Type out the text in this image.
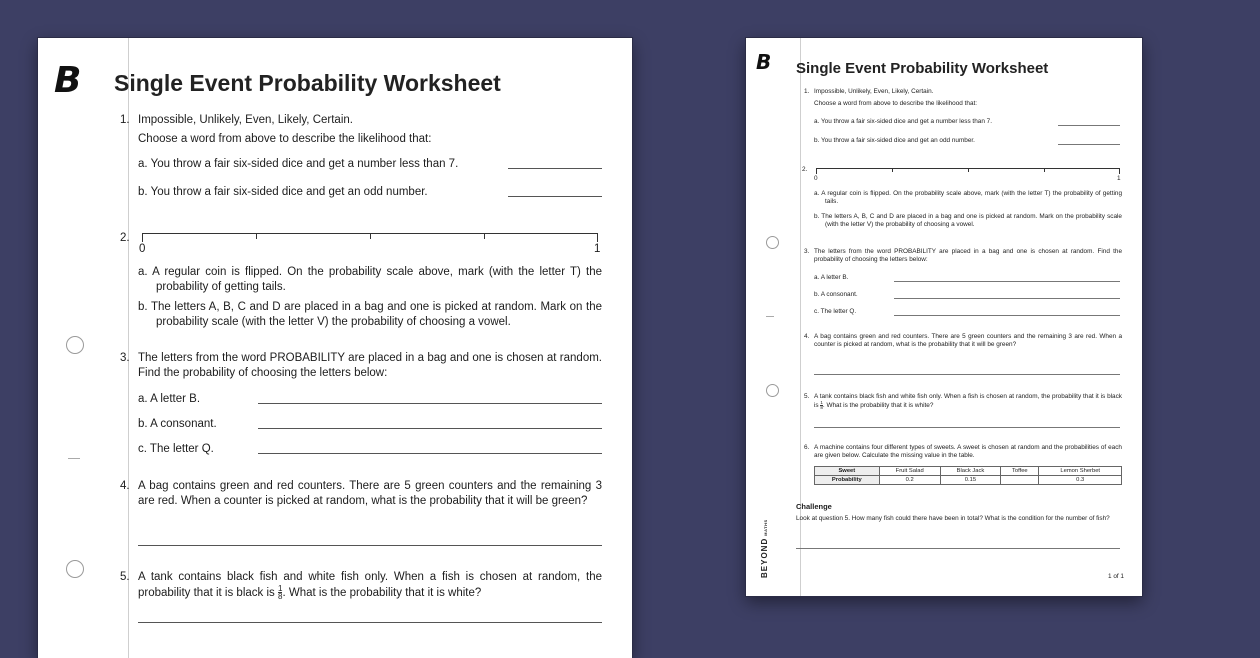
B Single Event Probability Worksheet
1. Impossible, Unlikely, Even, Likely, Certain.
Choose a word from above to describe the likelihood that:
a. You throw a fair six-sided dice and get a number less than 7.
b. You throw a fair six-sided dice and get an odd number.
2.
0	1
a. A regular coin is flipped. On the probability scale above, mark (with the letter T) the probability of getting tails.
b. The letters A, B, C and D are placed in a bag and one is picked at random. Mark on the probability scale (with the letter V) the probability of choosing a vowel.
3. The letters from the word PROBABILITY are placed in a bag and one is chosen at random. Find the probability of choosing the letters below:
a. A letter B.
b. A consonant.
c. The letter Q.
4. A bag contains green and red counters. There are 5 green counters and the remaining 3 are red. When a counter is picked at random, what is the probability that it will be green?
5. A tank contains black fish and white fish only. When a fish is chosen at random, the probability that it is black is $\frac{1}{8}$ . What is the probability that it is white?
B Single Event Probability Worksheet
1. Impossible, Unlikely, Even, Likely, Certain.
Choose a word from above to describe the likelihood that:
a. You throw a fair six-sided dice and get a number less than 7.
b. You throw a fair six-sided dice and get an odd number.
2.
0	1
a. A regular coin is flipped. On the probability scale above, mark (with the letter T) the probability of getting tails.
b. The letters A, B, C and D are placed in a bag and one is picked at random. Mark on the probability scale (with the letter V) the probability of choosing a vowel.
3. The letters from the word PROBABILITY are placed in a bag and one is chosen at random. Find the probability of choosing the letters below:
a. A letter B.
b. A consonant.
c. The letter Q.
4. A bag contains green and red counters. There are 5 green counters and the remaining 3 are red. When a counter is picked at random, what is the probability that it will be green?
5. A tank contains black fish and white fish only. When a fish is chosen at random, the probability that it is black is $\frac{1}{8}$ . What is the probability that it is white?
6. A machine contains four different types of sweets. A sweet is chosen at random and the probabilities of each are given below. Calculate the missing value in the table.
Sweet	Fruit Salad	Black Jack	Toffee	Lemon Sherbet
Probability	0.2	0.15		0.3
Challenge
Look at question 5. How many fish could there have been in total? What is the condition for the number of fish?
1 of 1
BEYONDMATHS
